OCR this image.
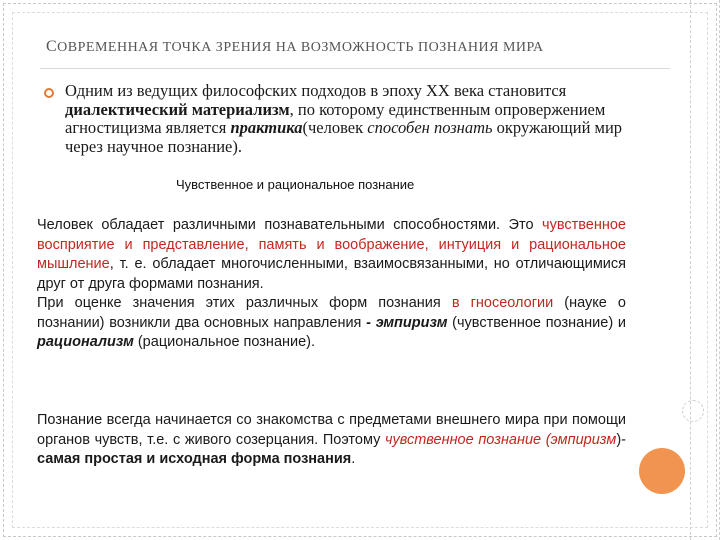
СОВРЕМЕННАЯ ТОЧКА ЗРЕНИЯ НА ВОЗМОЖНОСТЬ ПОЗНАНИЯ МИРА
Одним из ведущих философских подходов в эпоху XX века становится диалектический материализм, по которому единственным опровержением агностицизма является практика(человек способен познать окружающий мир через научное познание).
Чувственное и рациональное познание
Человек обладает различными познавательными способностями. Это чувственное восприятие и представление, память и воображение, интуиция и рациональное мышление, т. е. обладает многочисленными, взаимосвязанными, но отличающимися друг от друга формами познания.
При оценке значения этих различных форм познания в гносеологии (науке о познании) возникли два основных направления - эмпиризм (чувственное познание) и рационализм (рациональное познание).
Познание всегда начинается со знакомства с предметами внешнего мира при помощи органов чувств, т.е. с живого созерцания. Поэтому чувственное познание (эмпиризм)- самая простая и исходная форма познания.
